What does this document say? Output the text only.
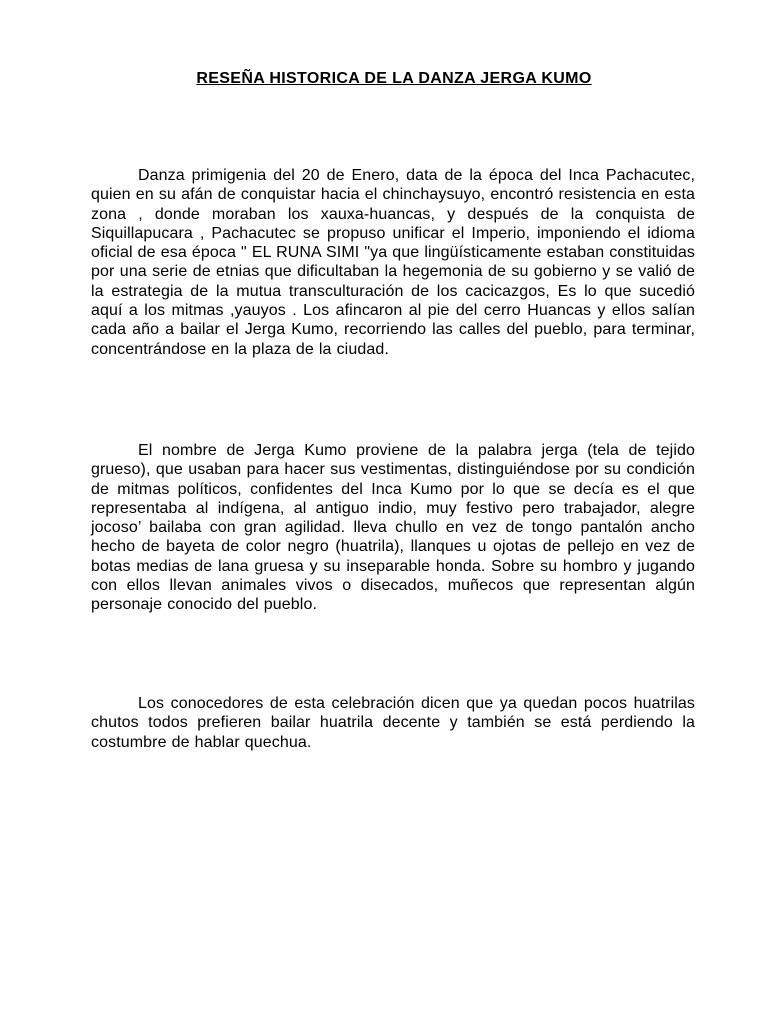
RESEÑA HISTORICA DE LA DANZA JERGA KUMO

Danza primigenia del 20 de Enero, data de la época del Inca Pachacutec, quien en su afán de conquistar hacia el chinchaysuyo, encontró resistencia en esta zona , donde moraban los xauxa-huancas, y después de la conquista de Siquillapucara , Pachacutec se propuso unificar el Imperio, imponiendo el idioma oficial de esa época " EL RUNA SIMI "ya que lingüísticamente estaban constituidas por una serie de etnias que dificultaban la hegemonia de su gobierno y se valió de la estrategia de la mutua transculturación de los cacicazgos, Es lo que sucedió aquí a los mitmas ,yauyos . Los afincaron al pie del cerro Huancas y ellos salían cada año a bailar el Jerga Kumo, recorriendo las calles del pueblo, para terminar, concentrándose en la plaza de la ciudad.

El nombre de Jerga Kumo proviene de la palabra jerga (tela de tejido grueso), que usaban para hacer sus vestimentas, distinguiéndose por su condición de mitmas políticos, confidentes del Inca Kumo por lo que se decía es el que representaba al indígena, al antiguo indio, muy festivo pero trabajador, alegre jocoso’ bailaba con gran agilidad. lleva chullo en vez de tongo pantalón ancho hecho de bayeta de color negro (huatrila), llanques u ojotas de pellejo en vez de botas medias de lana gruesa y su inseparable honda. Sobre su hombro y jugando con ellos llevan animales vivos o disecados, muñecos que representan algún personaje conocido del pueblo.

Los conocedores de esta celebración dicen que ya quedan pocos huatrilas chutos todos prefieren bailar huatrila decente y también se está perdiendo la costumbre de hablar quechua.
